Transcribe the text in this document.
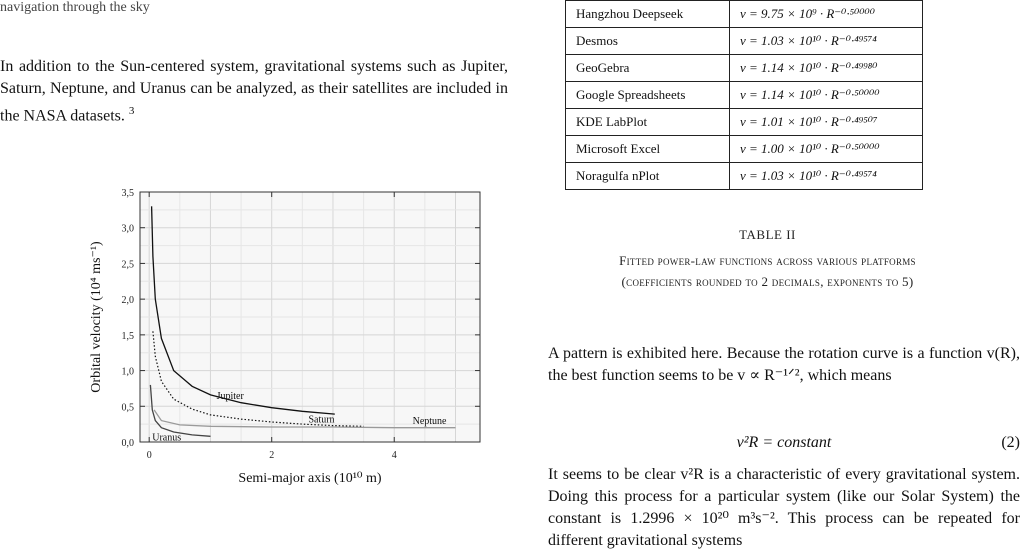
navigation through the sky
In addition to the Sun-centered system, gravitational systems such as Jupiter, Saturn, Neptune, and Uranus can be analyzed, as their satellites are included in the NASA datasets. $^3$
0,0
0,5
1,0
1,5
2,0
2,5
3,0
3,5
0	2	4
Semi-major axis (10¹⁰ m)
Orbital velocity (10⁴ ms⁻¹)
Jupiter
Saturn	Neptune
Uranus
Hangzhou Deepseek	v = 9.75 × 10⁹ · R⁻⁰·⁵⁰⁰⁰⁰
Desmos	v = 1.03 × 10¹⁰ · R⁻⁰·⁴⁹⁵⁷⁴
GeoGebra	v = 1.14 × 10¹⁰ · R⁻⁰·⁴⁹⁹⁸⁰
Google Spreadsheets	v = 1.14 × 10¹⁰ · R⁻⁰·⁵⁰⁰⁰⁰
KDE LabPlot	v = 1.01 × 10¹⁰ · R⁻⁰·⁴⁹⁵⁰⁷
Microsoft Excel	v = 1.00 × 10¹⁰ · R⁻⁰·⁵⁰⁰⁰⁰
Noragulfa nPlot	v = 1.03 × 10¹⁰ · R⁻⁰·⁴⁹⁵⁷⁴
TABLE II
Fitted power-law functions across various platforms
(coefficients rounded to 2 decimals, exponents to 5)
A pattern is exhibited here. Because the rotation curve is a function v(R), the best function seems to be v ∝ R⁻¹ᐟ², which means
v²R = constant	(2)
It seems to be clear v²R is a characteristic of every gravitational system. Doing this process for a particular system (like our Solar System) the constant is 1.2996 × 10²⁰ m³s⁻². This process can be repeated for different gravitational systems
